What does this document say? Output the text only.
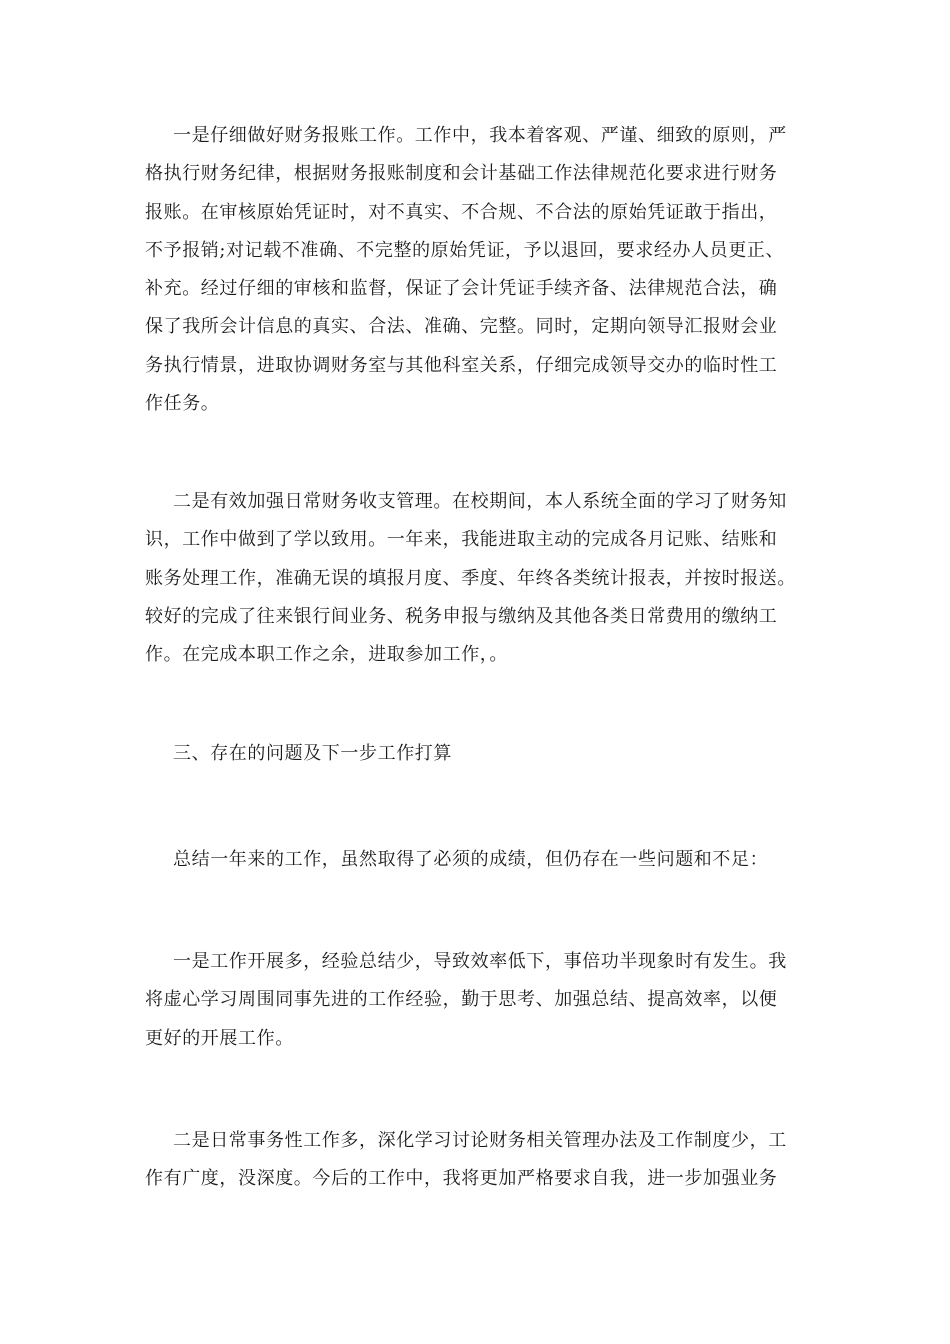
一是仔细做好财务报账工作。工作中，我本着客观、严谨、细致的原则，严
格执行财务纪律，根据财务报账制度和会计基础工作法律规范化要求进行财务
报账。在审核原始凭证时，对不真实、不合规、不合法的原始凭证敢于指出，
不予报销;对记载不准确、不完整的原始凭证，予以退回，要求经办人员更正、
补充。经过仔细的审核和监督，保证了会计凭证手续齐备、法律规范合法，确
保了我所会计信息的真实、合法、准确、完整。同时，定期向领导汇报财会业
务执行情景，进取协调财务室与其他科室关系，仔细完成领导交办的临时性工
作任务。

二是有效加强日常财务收支管理。在校期间，本人系统全面的学习了财务知
识，工作中做到了学以致用。一年来，我能进取主动的完成各月记账、结账和
账务处理工作，准确无误的填报月度、季度、年终各类统计报表，并按时报送。
较好的完成了往来银行间业务、税务申报与缴纳及其他各类日常费用的缴纳工
作。在完成本职工作之余，进取参加工作，。

三、存在的问题及下一步工作打算

总结一年来的工作，虽然取得了必须的成绩，但仍存在一些问题和不足：

一是工作开展多，经验总结少，导致效率低下，事倍功半现象时有发生。我
将虚心学习周围同事先进的工作经验，勤于思考、加强总结、提高效率，以便
更好的开展工作。

二是日常事务性工作多，深化学习讨论财务相关管理办法及工作制度少，工
作有广度，没深度。今后的工作中，我将更加严格要求自我，进一步加强业务
